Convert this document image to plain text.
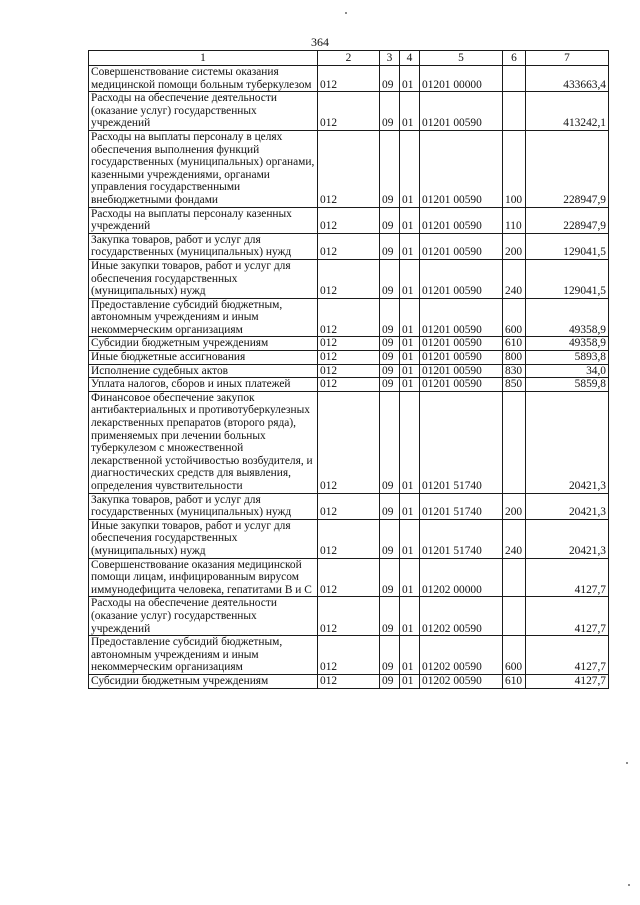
364
1	2	3	4	5	6	7
Совершенствование системы оказания медицинской помощи больным туберкулезом	012	09	01	01201 00000		433663,4
Расходы на обеспечение деятельности (оказание услуг) государственных учреждений	012	09	01	01201 00590		413242,1
Расходы на выплаты персоналу в целях обеспечения выполнения функций государственных (муниципальных) органами, казенными учреждениями, органами управления государственными внебюджетными фондами	012	09	01	01201 00590	100	228947,9
Расходы на выплаты персоналу казенных учреждений	012	09	01	01201 00590	110	228947,9
Закупка товаров, работ и услуг для государственных (муниципальных) нужд	012	09	01	01201 00590	200	129041,5
Иные закупки товаров, работ и услуг для обеспечения государственных (муниципальных) нужд	012	09	01	01201 00590	240	129041,5
Предоставление субсидий бюджетным, автономным учреждениям и иным некоммерческим организациям	012	09	01	01201 00590	600	49358,9
Субсидии бюджетным учреждениям	012	09	01	01201 00590	610	49358,9
Иные бюджетные ассигнования	012	09	01	01201 00590	800	5893,8
Исполнение судебных актов	012	09	01	01201 00590	830	34,0
Уплата налогов, сборов и иных платежей	012	09	01	01201 00590	850	5859,8
Финансовое обеспечение закупок антибактериальных и противотуберкулезных лекарственных препаратов (второго ряда), применяемых при лечении больных туберкулезом с множественной лекарственной устойчивостью возбудителя, и диагностических средств для выявления, определения чувствительности	012	09	01	01201 51740		20421,3
Закупка товаров, работ и услуг для государственных (муниципальных) нужд	012	09	01	01201 51740	200	20421,3
Иные закупки товаров, работ и услуг для обеспечения государственных (муниципальных) нужд	012	09	01	01201 51740	240	20421,3
Совершенствование оказания медицинской помощи лицам, инфицированным вирусом иммунодефицита человека, гепатитами В и С	012	09	01	01202 00000		4127,7
Расходы на обеспечение деятельности (оказание услуг) государственных учреждений	012	09	01	01202 00590		4127,7
Предоставление субсидий бюджетным, автономным учреждениям и иным некоммерческим организациям	012	09	01	01202 00590	600	4127,7
Субсидии бюджетным учреждениям	012	09	01	01202 00590	610	4127,7
